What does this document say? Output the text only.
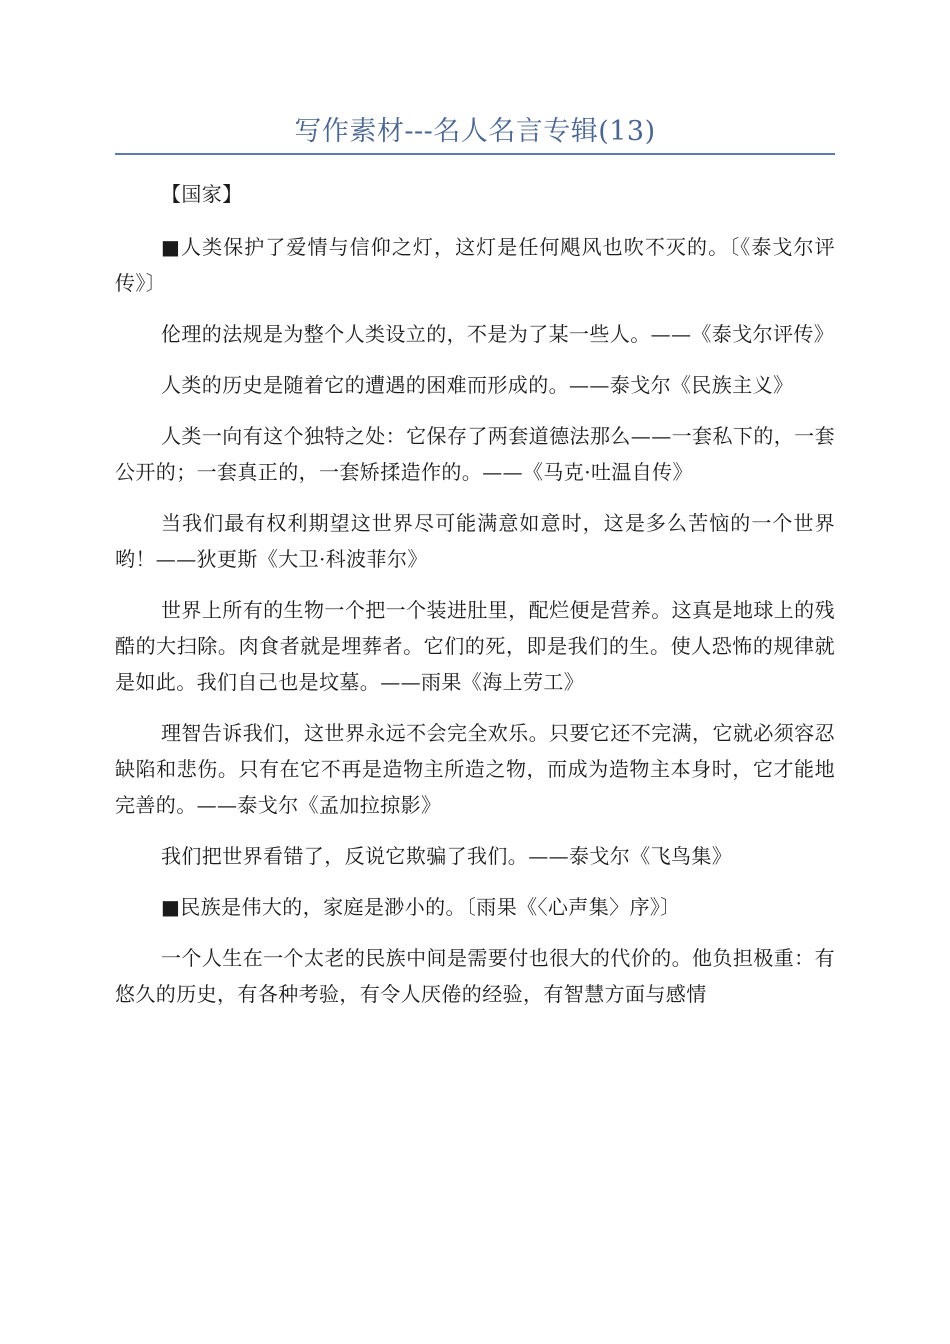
写作素材---名人名言专辑(13)

【国家】

■人类保护了爱情与信仰之灯，这灯是任何飓风也吹不灭的。〔《泰戈尔评传》〕

伦理的法规是为整个人类设立的，不是为了某一些人。——《泰戈尔评传》

人类的历史是随着它的遭遇的困难而形成的。——泰戈尔《民族主义》

人类一向有这个独特之处：它保存了两套道德法那么——一套私下的，一套公开的；一套真正的，一套矫揉造作的。——《马克·吐温自传》

当我们最有权利期望这世界尽可能满意如意时，这是多么苦恼的一个世界哟！——狄更斯《大卫·科波菲尔》

世界上所有的生物一个把一个装进肚里，配烂便是营养。这真是地球上的残酷的大扫除。肉食者就是埋葬者。它们的死，即是我们的生。使人恐怖的规律就是如此。我们自己也是坟墓。——雨果《海上劳工》

理智告诉我们，这世界永远不会完全欢乐。只要它还不完满，它就必须容忍缺陷和悲伤。只有在它不再是造物主所造之物，而成为造物主本身时，它才能地完善的。——泰戈尔《孟加拉掠影》

我们把世界看错了，反说它欺骗了我们。——泰戈尔《飞鸟集》

■民族是伟大的，家庭是渺小的。〔雨果《〈心声集〉序》〕

一个人生在一个太老的民族中间是需要付也很大的代价的。他负担极重：有悠久的历史，有各种考验，有令人厌倦的经验，有智慧方面与感情
